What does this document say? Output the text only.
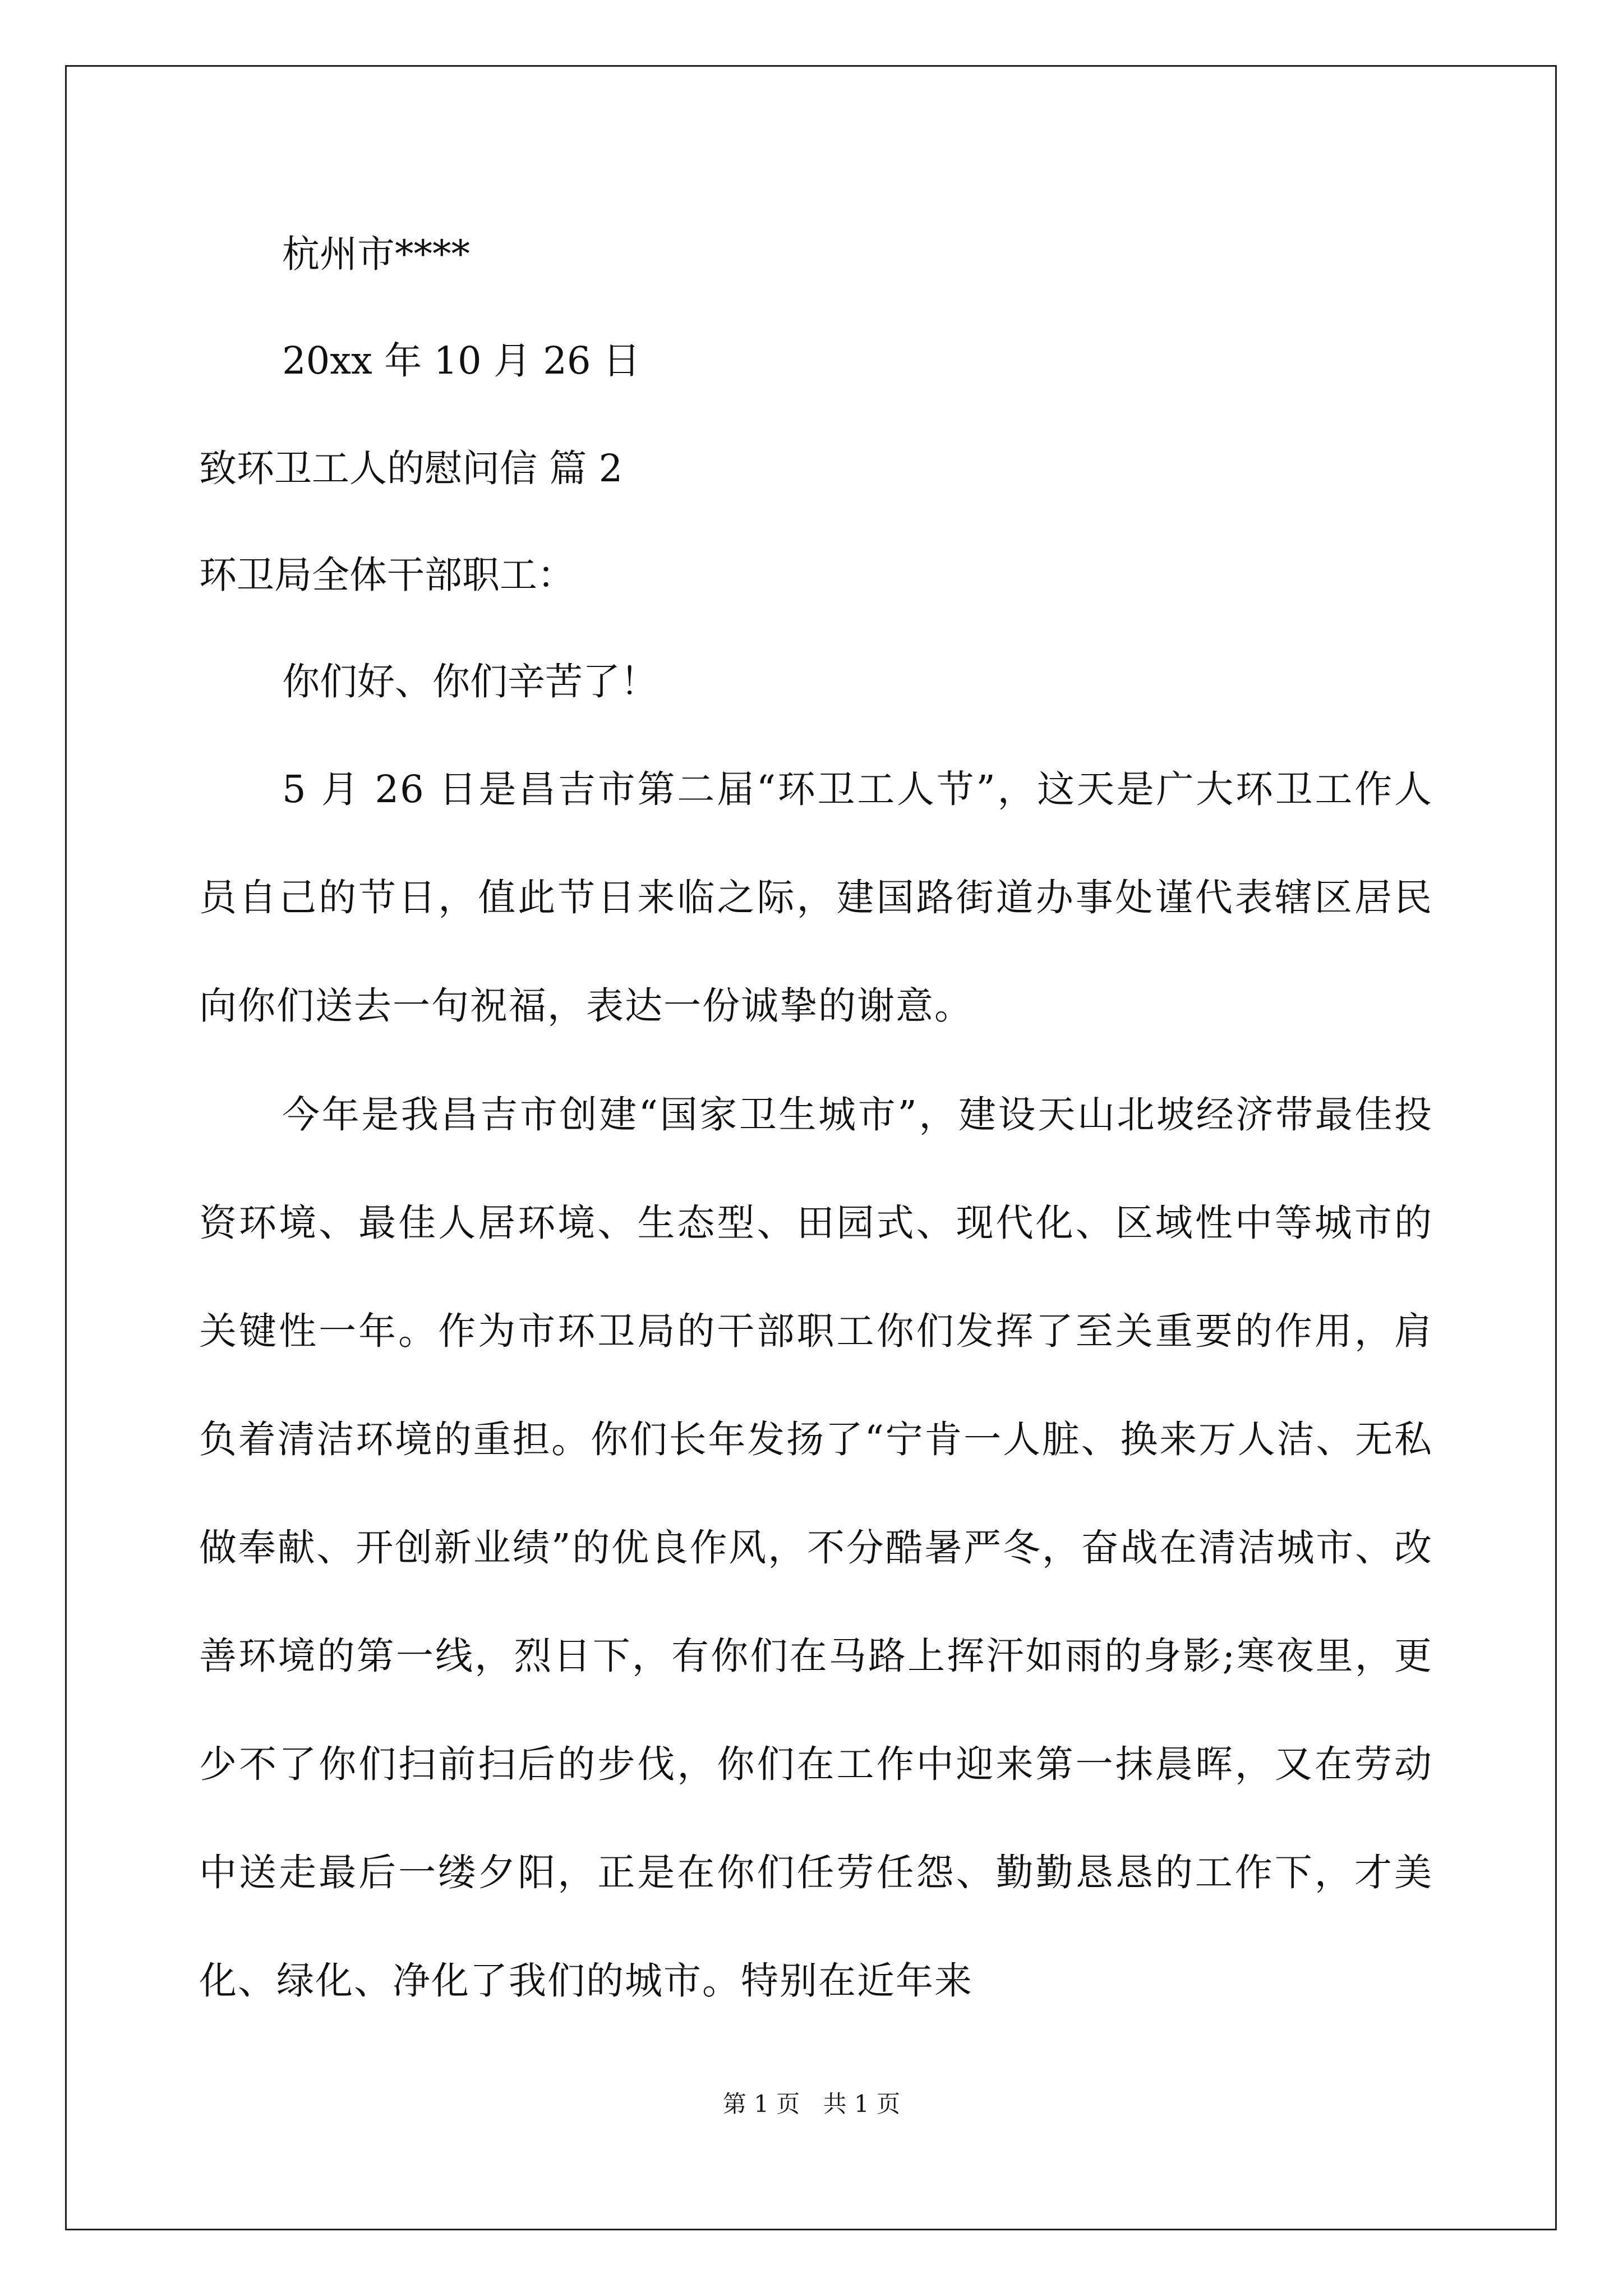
杭州市****

20xx 年 10 月 26 日

致环卫工人的慰问信 篇 2

环卫局全体干部职工：

你们好、你们辛苦了！

5 月 26 日是昌吉市第二届“环卫工人节”，这天是广大环卫工作人员自己的节日，值此节日来临之际，建国路街道办事处谨代表辖区居民向你们送去一句祝福，表达一份诚挚的谢意。

今年是我昌吉市创建“国家卫生城市”，建设天山北坡经济带最佳投资环境、最佳人居环境、生态型、田园式、现代化、区域性中等城市的关键性一年。作为市环卫局的干部职工你们发挥了至关重要的作用，肩负着清洁环境的重担。你们长年发扬了“宁肯一人脏、换来万人洁、无私做奉献、开创新业绩”的优良作风，不分酷暑严冬，奋战在清洁城市、改善环境的第一线，烈日下，有你们在马路上挥汗如雨的身影;寒夜里，更少不了你们扫前扫后的步伐，你们在工作中迎来第一抹晨晖，又在劳动中送走最后一缕夕阳，正是在你们任劳任怨、勤勤恳恳的工作下，才美化、绿化、净化了我们的城市。特别在近年来

第 1 页 共 1 页
